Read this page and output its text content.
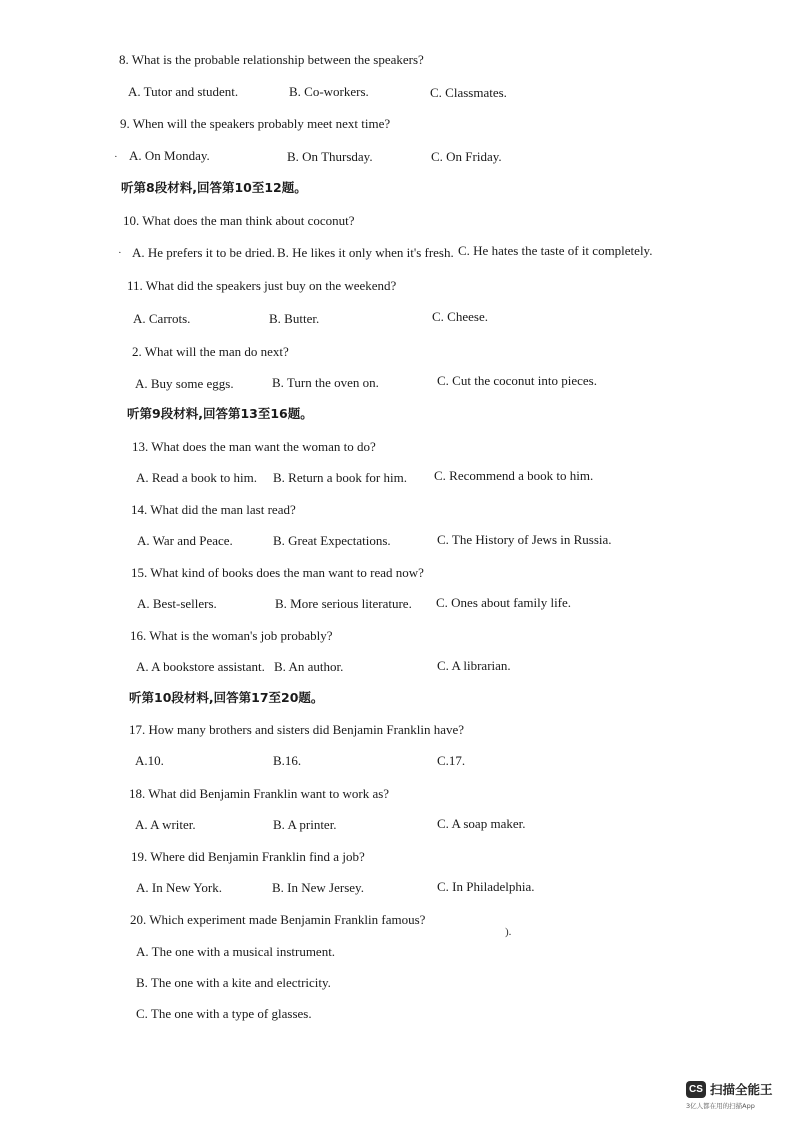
8. What is the probable relationship between the speakers?
A. Tutor and student.	B. Co-workers.	C. Classmates.
9. When will the speakers probably meet next time?
· A. On Monday.	B. On Thursday.	C. On Friday.
听第8段材料,回答第10至12题。
10. What does the man think about coconut?
· A. He prefers it to be dried. B. He likes it only when it's fresh. C. He hates the taste of it completely.
11. What did the speakers just buy on the weekend?
A. Carrots.	B. Butter.	C. Cheese.
2. What will the man do next?
A. Buy some eggs.	B. Turn the oven on.	C. Cut the coconut into pieces.
听第9段材料,回答第13至16题。
13. What does the man want the woman to do?
A. Read a book to him. B. Return a book for him. C. Recommend a book to him.
14. What did the man last read?
A. War and Peace.	B. Great Expectations.	C. The History of Jews in Russia.
15. What kind of books does the man want to read now?
A. Best-sellers.	B. More serious literature. C. Ones about family life.
16. What is the woman's job probably?
A. A bookstore assistant. B. An author.	C. A librarian.
听第10段材料,回答第17至20题。
17. How many brothers and sisters did Benjamin Franklin have?
A.10.	B.16.	C.17.
18. What did Benjamin Franklin want to work as?
A. A writer.	B. A printer.	C. A soap maker.
19. Where did Benjamin Franklin find a job?
A. In New York.	B. In New Jersey.	C. In Philadelphia.
20. Which experiment made Benjamin Franklin famous?
).
A. The one with a musical instrument.
B. The one with a kite and electricity.
C. The one with a type of glasses.
CS 扫描全能王
3亿人都在用的扫描App
